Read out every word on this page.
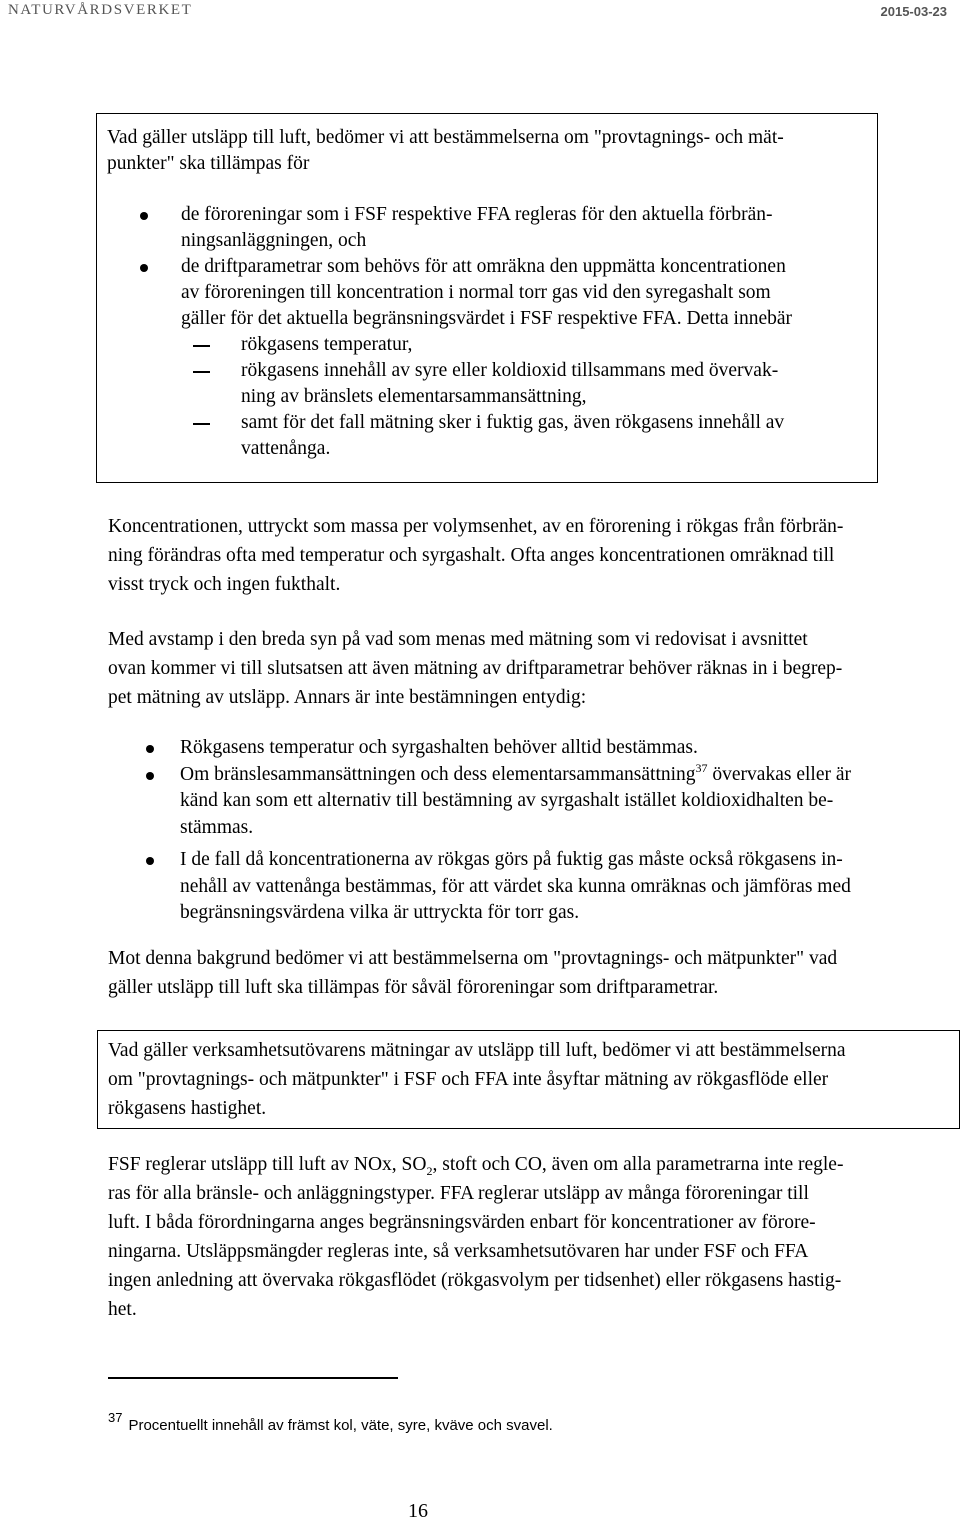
NATURVÅRDSVERKET	2015-03-23
Vad gäller utsläpp till luft, bedömer vi att bestämmelserna om "provtagnings- och mät-
punkter" ska tillämpas för
de föroreningar som i FSF respektive FFA regleras för den aktuella förbrän-
ningsanläggningen, och
de driftparametrar som behövs för att omräkna den uppmätta koncentrationen
av föroreningen till koncentration i normal torr gas vid den syregashalt som
gäller för det aktuella begränsningsvärdet i FSF respektive FFA. Detta innebär
rökgasens temperatur,
rökgasens innehåll av syre eller koldioxid tillsammans med övervak-
ning av bränslets elementarsammansättning,
samt för det fall mätning sker i fuktig gas, även rökgasens innehåll av
vattenånga.
Koncentrationen, uttryckt som massa per volymsenhet, av en förorening i rökgas från förbrän-
ning förändras ofta med temperatur och syrgashalt. Ofta anges koncentrationen omräknad till
visst tryck och ingen fukthalt.
Med avstamp i den breda syn på vad som menas med mätning som vi redovisat i avsnittet
ovan kommer vi till slutsatsen att även mätning av driftparametrar behöver räknas in i begrep-
pet mätning av utsläpp. Annars är inte bestämningen entydig:
Rökgasens temperatur och syrgashalten behöver alltid bestämmas.
Om bränslesammansättningen och dess elementarsammansättning$^{37}$ övervakas eller är
känd kan som ett alternativ till bestämning av syrgashalt istället koldioxidhalten be-
stämmas.
I de fall då koncentrationerna av rökgas görs på fuktig gas måste också rökgasens in-
nehåll av vattenånga bestämmas, för att värdet ska kunna omräknas och jämföras med
begränsningsvärdena vilka är uttryckta för torr gas.
Mot denna bakgrund bedömer vi att bestämmelserna om "provtagnings- och mätpunkter" vad
gäller utsläpp till luft ska tillämpas för såväl föroreningar som driftparametrar.
Vad gäller verksamhetsutövarens mätningar av utsläpp till luft, bedömer vi att bestämmelserna
om "provtagnings- och mätpunkter" i FSF och FFA inte åsyftar mätning av rökgasflöde eller
rökgasens hastighet.
FSF reglerar utsläpp till luft av NOx, $SO_2$, stoft och CO, även om alla parametrarna inte regle-
ras för alla bränsle- och anläggningstyper. FFA reglerar utsläpp av många föroreningar till
luft. I båda förordningarna anges begränsningsvärden enbart för koncentrationer av förore-
ningarna. Utsläppsmängder regleras inte, så verksamhetsutövaren har under FSF och FFA
ingen anledning att övervaka rökgasflödet (rökgasvolym per tidsenhet) eller rökgasens hastig-
het.
37 Procentuellt innehåll av främst kol, väte, syre, kväve och svavel.
16
